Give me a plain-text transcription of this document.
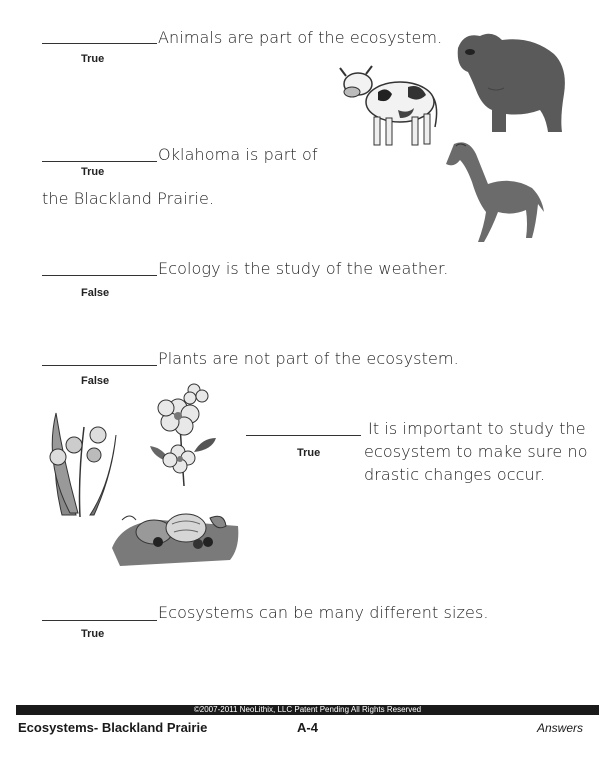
Animals are part of the ecosystem.
True
Oklahoma is part of
True
the Blackland Prairie.
Ecology is the study of the weather.
False
Plants are not part of the ecosystem.
False
It is important to study the
True	ecosystem to make sure no
drastic changes occur.
Ecosystems can be many different sizes.
True
©2007-2011 NeoLithix, LLC Patent Pending All Rights Reserved
Ecosystems- Blackland Prairie	A-4	Answers
